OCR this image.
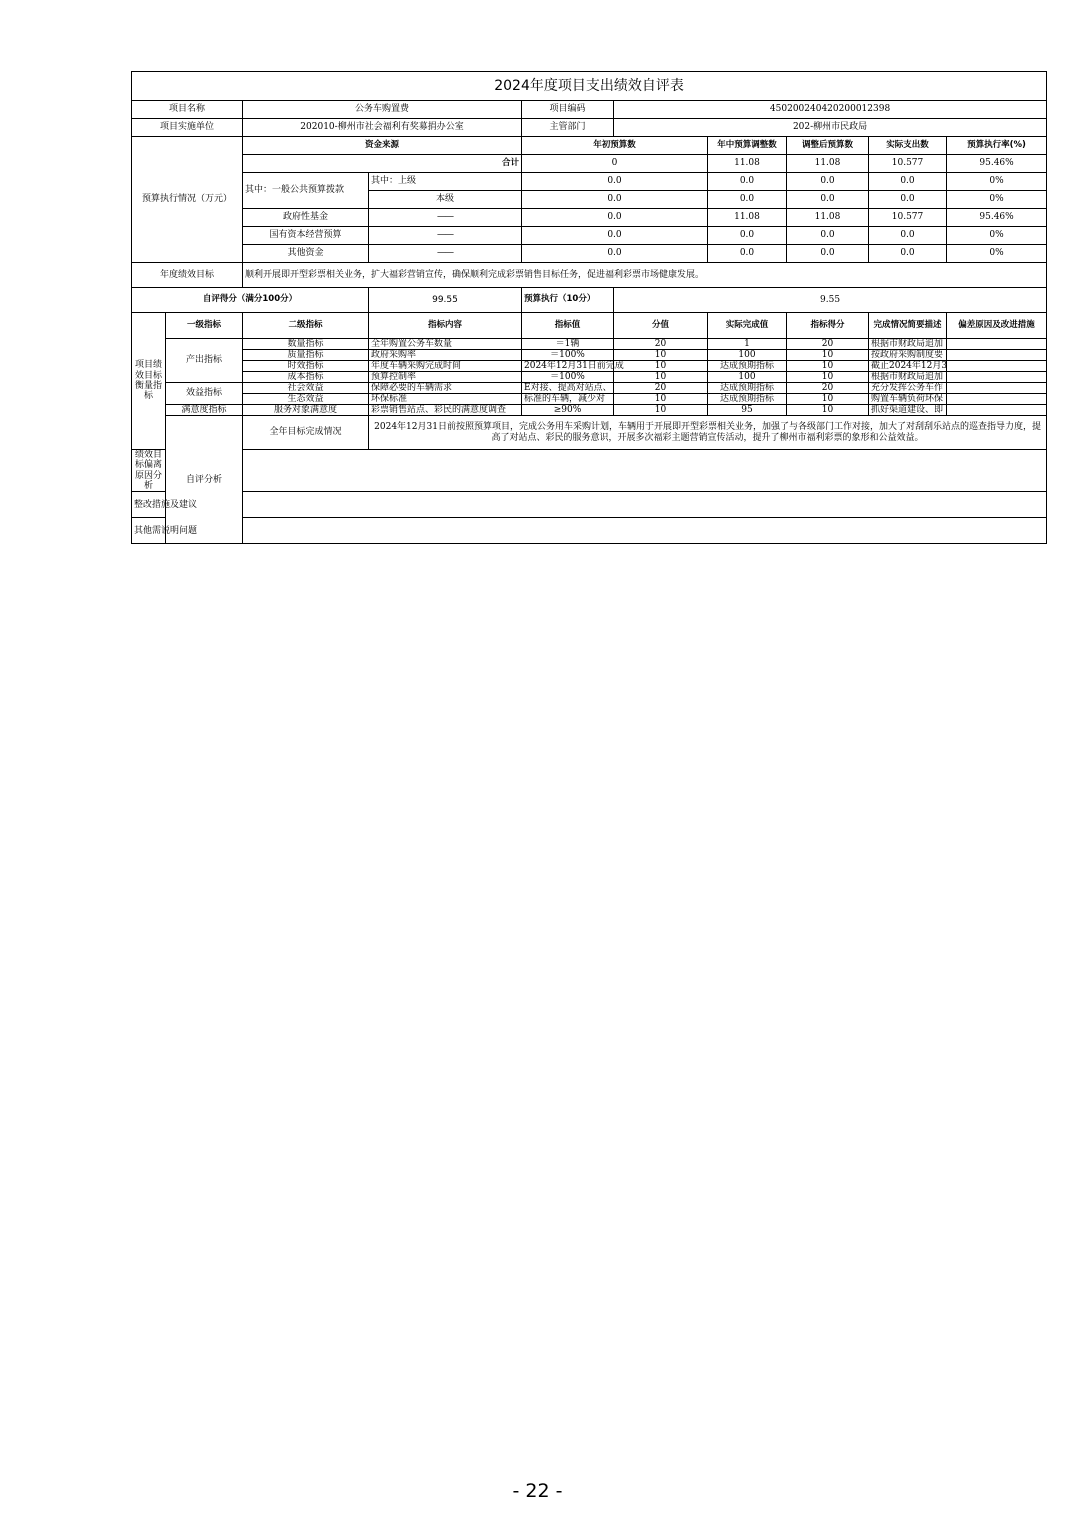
2024年度项目支出绩效自评表									
项目名称		公务车购置费		项目编码	450200240420200012398				
项目实施单位		202010-柳州市社会福利有奖募捐办公室		主管部门	202-柳州市民政局				
预算执行情况（万元）		资金来源		年初预算数		年中预算调整数	调整后预算数	实际支出数	预算执行率(%)
		合计		0		11.08	11.08	10.577	95.46%
		其中：一般公共预算拨款	其中：上级	0.0		0.0	0.0	0.0	0%
			本级	0.0		0.0	0.0	0.0	0%
		政府性基金	——	0.0		11.08	11.08	10.577	95.46%
		国有资本经营预算	——	0.0		0.0	0.0	0.0	0%
		其他资金	——	0.0		0.0	0.0	0.0	0%
年度绩效目标		顺利开展即开型彩票相关业务，扩大福彩营销宣传，确保顺利完成彩票销售目标任务，促进福利彩票市场健康发展。							
自评得分（满分100分）			99.55	预算执行（10分）	9.55				
项目绩效目标衡量指标	一级指标	二级指标	指标内容	指标值	分值	实际完成值	指标得分	完成情况简要描述	偏差原因及改进措施
	产出指标	数量指标	全年购置公务车数量	＝1辆	20	1	20	根据市财政局追加	
		质量指标	政府采购率	＝100%	10	100	10	按政府采购制度要	
		时效指标	年度车辆采购完成时间	2024年12月31日前完成	10	达成预期指标	10	截止2024年12月3	
		成本指标	预算控制率	＝100%	10	100	10	根据市财政局追加	
	效益指标	社会效益	保障必要的车辆需求	E对接、提高对站点、	20	达成预期指标	20	充分发挥公务车作	
		生态效益	环保标准	标准的车辆，减少对	10	达成预期指标	10	购置车辆负荷环保	
	满意度指标	服务对象满意度	彩票销售站点、彩民的满意度调查	≥90%	10	95	10	抓好渠道建设、即	
	自评分析	全年目标完成情况	2024年12月31日前按照预算项目，完成公务用车采购计划，车辆用于开展即开型彩票相关业务，加强了与各级部门工作对接，加大了对刮刮乐站点的巡查指导力度，提高了对站点、彩民的服务意识，开展多次福彩主题营销宣传活动，提升了柳州市福利彩票的象形和公益效益。						
绩效目标偏离原因分析									
整改措施及建议									
其他需说明问题									
- 22 -
